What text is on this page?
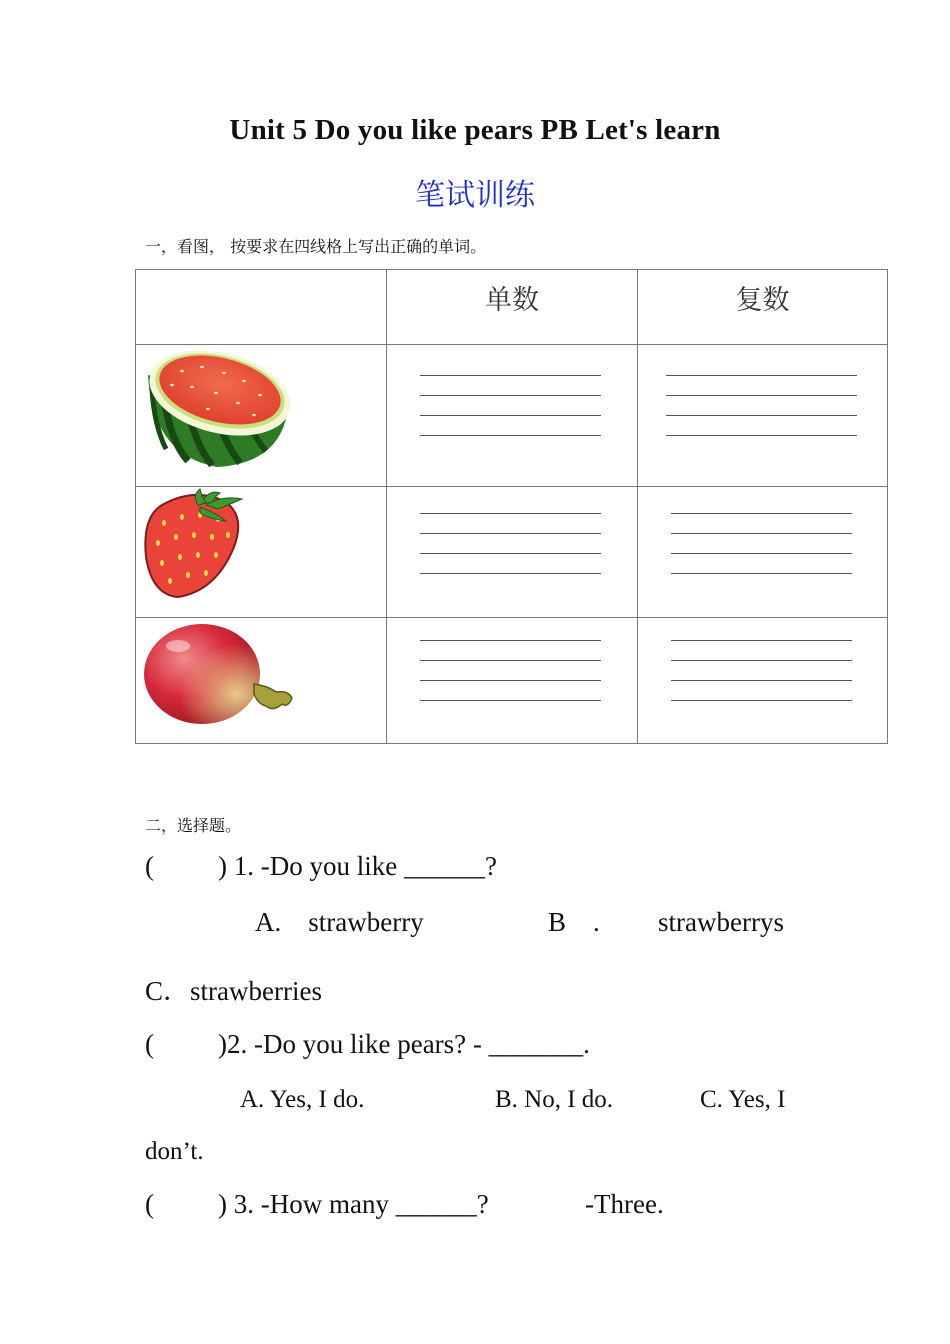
Unit 5 Do you like pears PB Let's learn
笔试训练
一，看图， 按要求在四线格上写出正确的单词。
	单数	复数

二，选择题。
( ) 1. -Do you like ______?
A.    strawberry	B    . strawberrys
C．strawberries
( )2. -Do you like pears? - _______.
A. Yes, I do.	B. No, I do.	C. Yes, I
don’t.
( ) 3. -How many ______?	-Three.
